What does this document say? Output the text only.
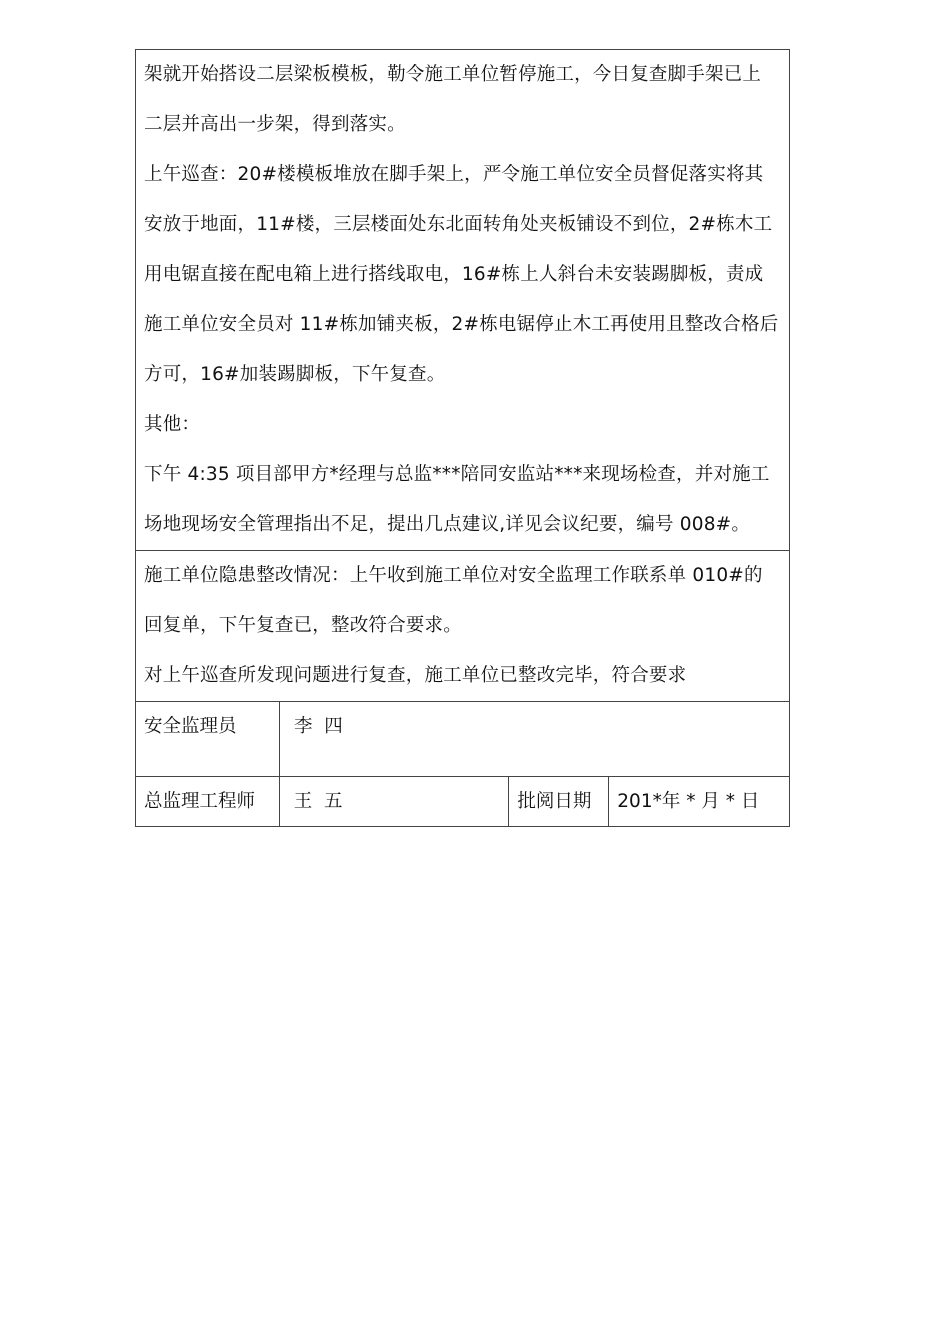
架就开始搭设二层梁板模板，勒令施工单位暂停施工，今日复查脚手架已上
二层并高出一步架，得到落实。
上午巡查：20#楼模板堆放在脚手架上，严令施工单位安全员督促落实将其
安放于地面，11#楼，三层楼面处东北面转角处夹板铺设不到位，2#栋木工
用电锯直接在配电箱上进行搭线取电，16#栋上人斜台未安装踢脚板，责成
施工单位安全员对 11#栋加铺夹板，2#栋电锯停止木工再使用且整改合格后
方可，16#加装踢脚板，下午复查。
其他：
下午 4:35 项目部甲方*经理与总监***陪同安监站***来现场检查，并对施工
场地现场安全管理指出不足，提出几点建议,详见会议纪要，编号 008#。
施工单位隐患整改情况：上午收到施工单位对安全监理工作联系单 010#的
回复单，下午复查已，整改符合要求。
对上午巡查所发现问题进行复查，施工单位已整改完毕，符合要求
安全监理员	李  四
总监理工程师	王  五	批阅日期	201*年 * 月 * 日
